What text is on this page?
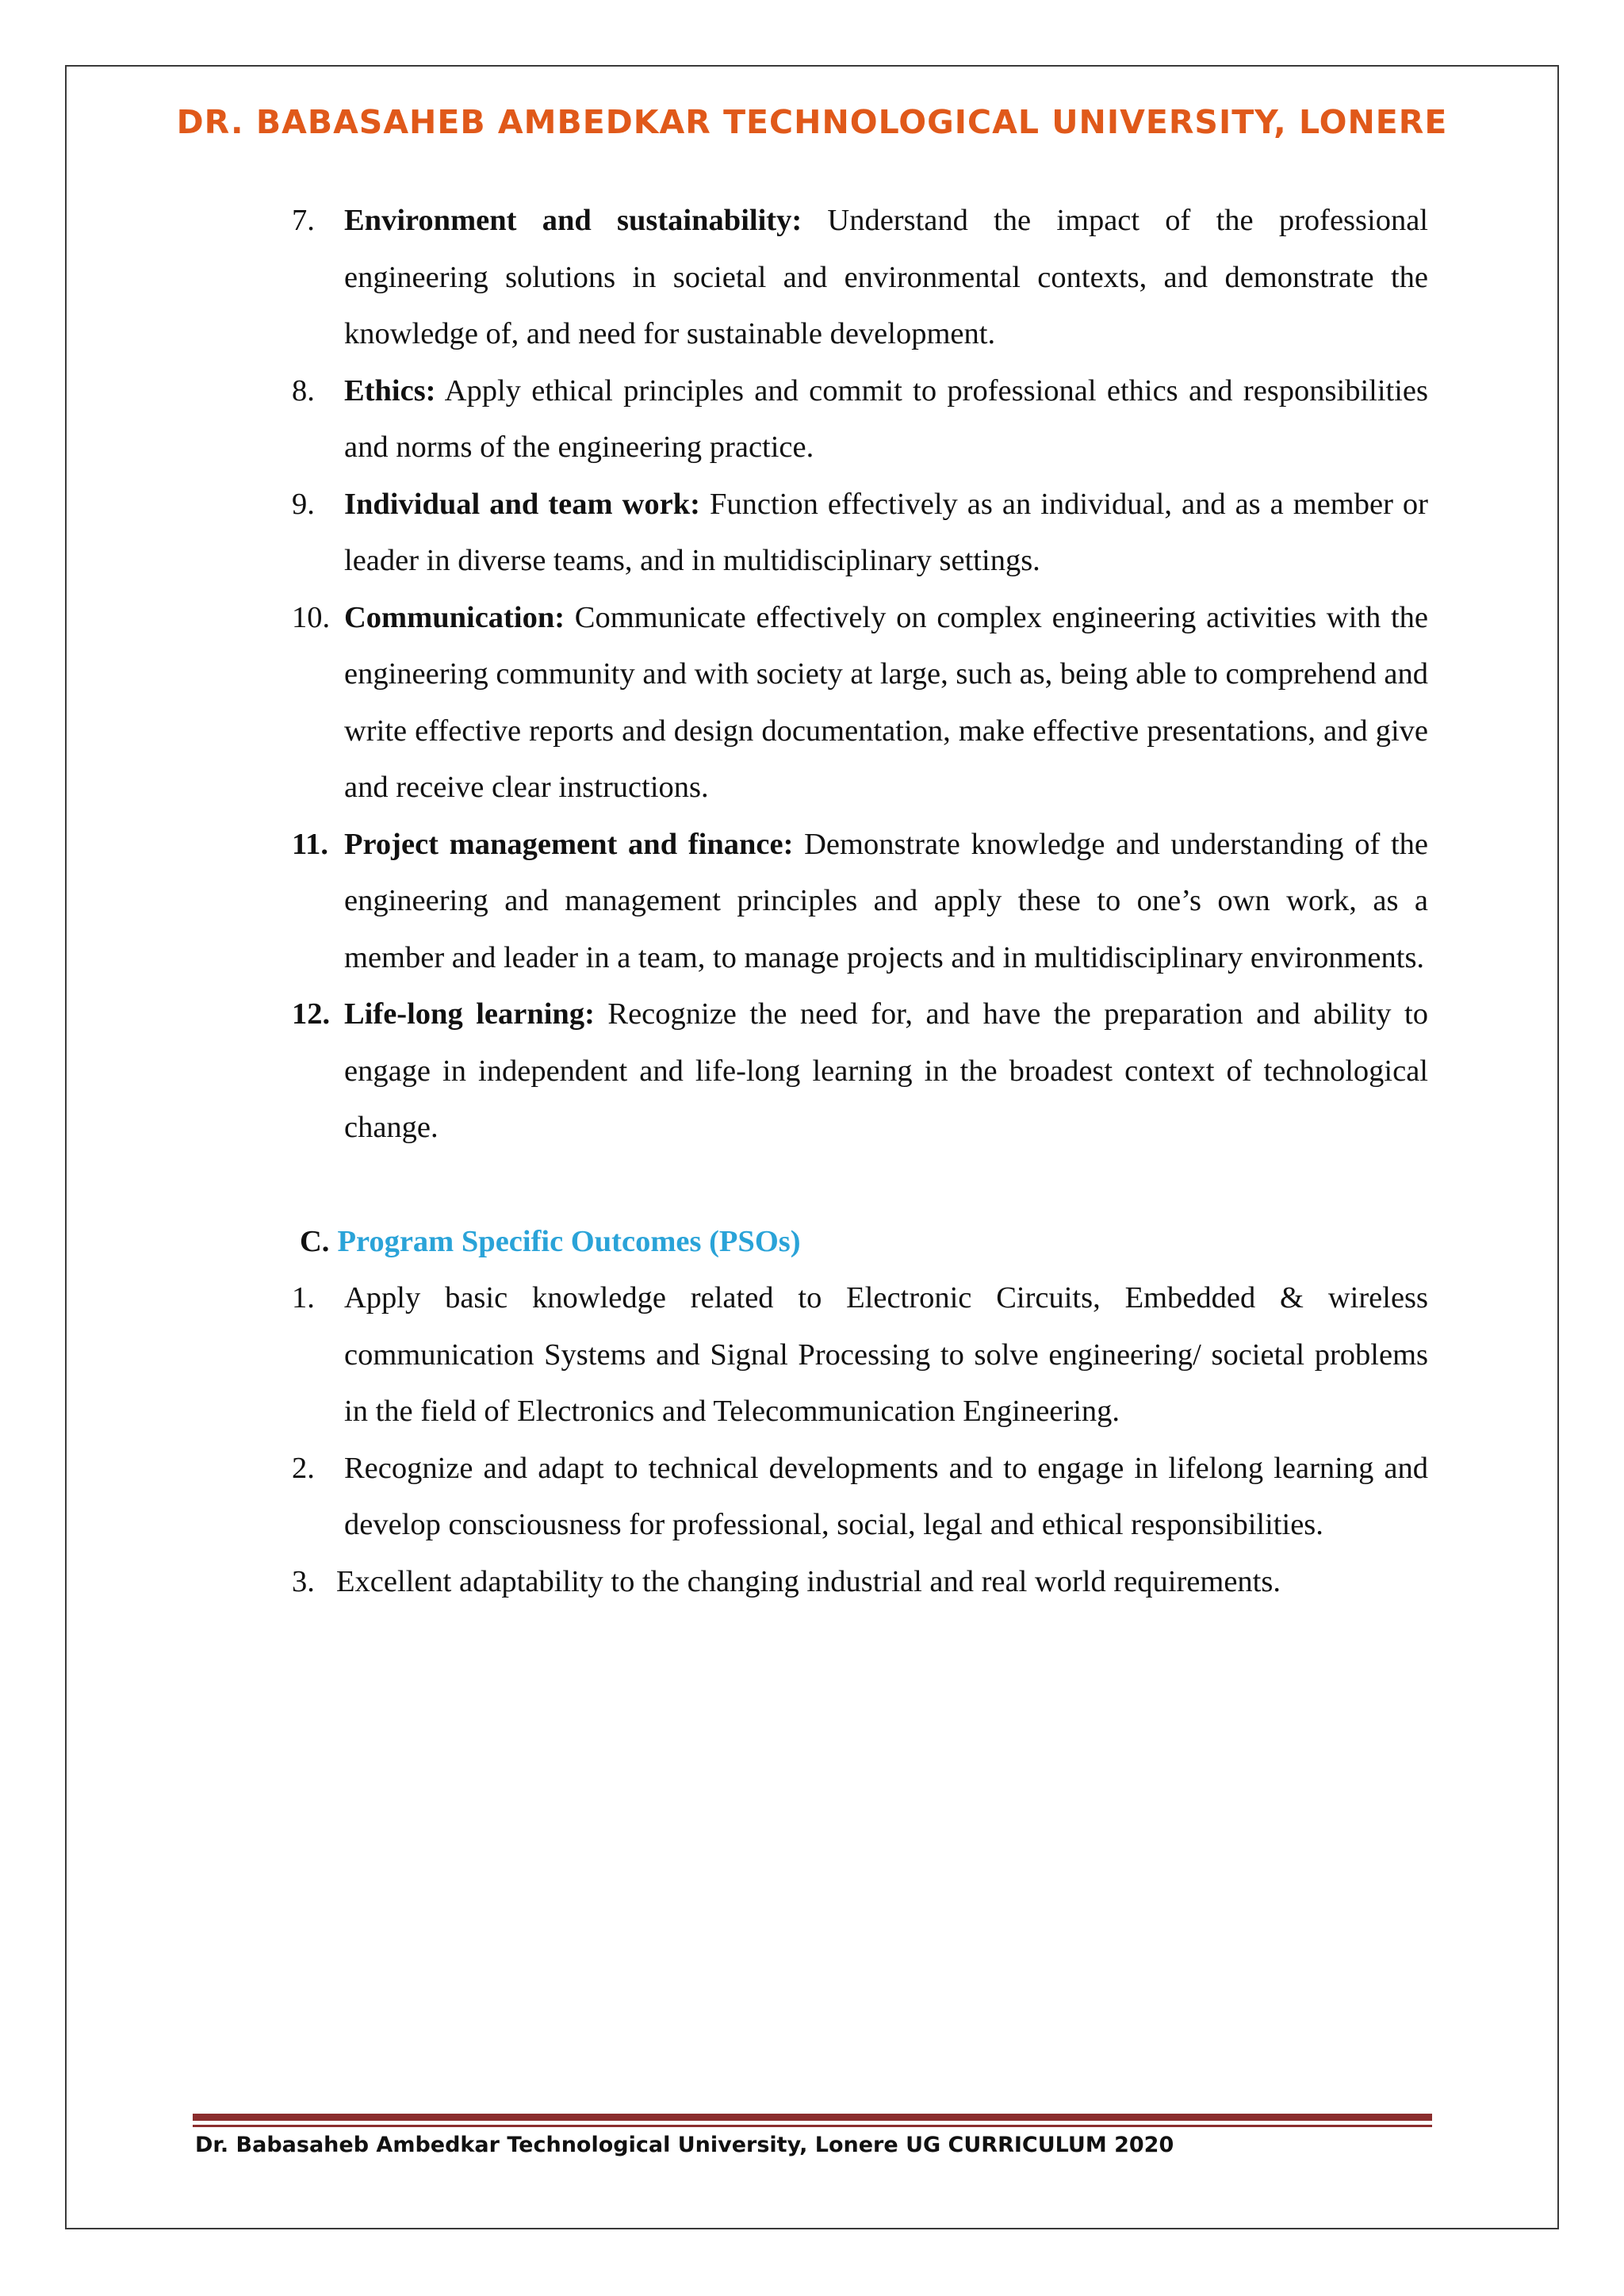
DR. BABASAHEB AMBEDKAR TECHNOLOGICAL UNIVERSITY, LONERE
7. Environment and sustainability: Understand the impact of the professional engineering solutions in societal and environmental contexts, and demonstrate the knowledge of, and need for sustainable development.
8. Ethics: Apply ethical principles and commit to professional ethics and responsibilities and norms of the engineering practice.
9. Individual and team work: Function effectively as an individual, and as a member or leader in diverse teams, and in multidisciplinary settings.
10. Communication: Communicate effectively on complex engineering activities with the engineering community and with society at large, such as, being able to comprehend and write effective reports and design documentation, make effective presentations, and give and receive clear instructions.
11. Project management and finance: Demonstrate knowledge and understanding of the engineering and management principles and apply these to one’s own work, as a member and leader in a team, to manage projects and in multidisciplinary environments.
12. Life-long learning: Recognize the need for, and have the preparation and ability to engage in independent and life-long learning in the broadest context of technological change.
C. Program Specific Outcomes (PSOs)
1. Apply basic knowledge related to Electronic Circuits, Embedded & wireless communication Systems and Signal Processing to solve engineering/ societal problems in the field of Electronics and Telecommunication Engineering.
2. Recognize and adapt to technical developments and to engage in lifelong learning and develop consciousness for professional, social, legal and ethical responsibilities.
3. Excellent adaptability to the changing industrial and real world requirements.
Dr. Babasaheb Ambedkar Technological University, Lonere UG CURRICULUM 2020
